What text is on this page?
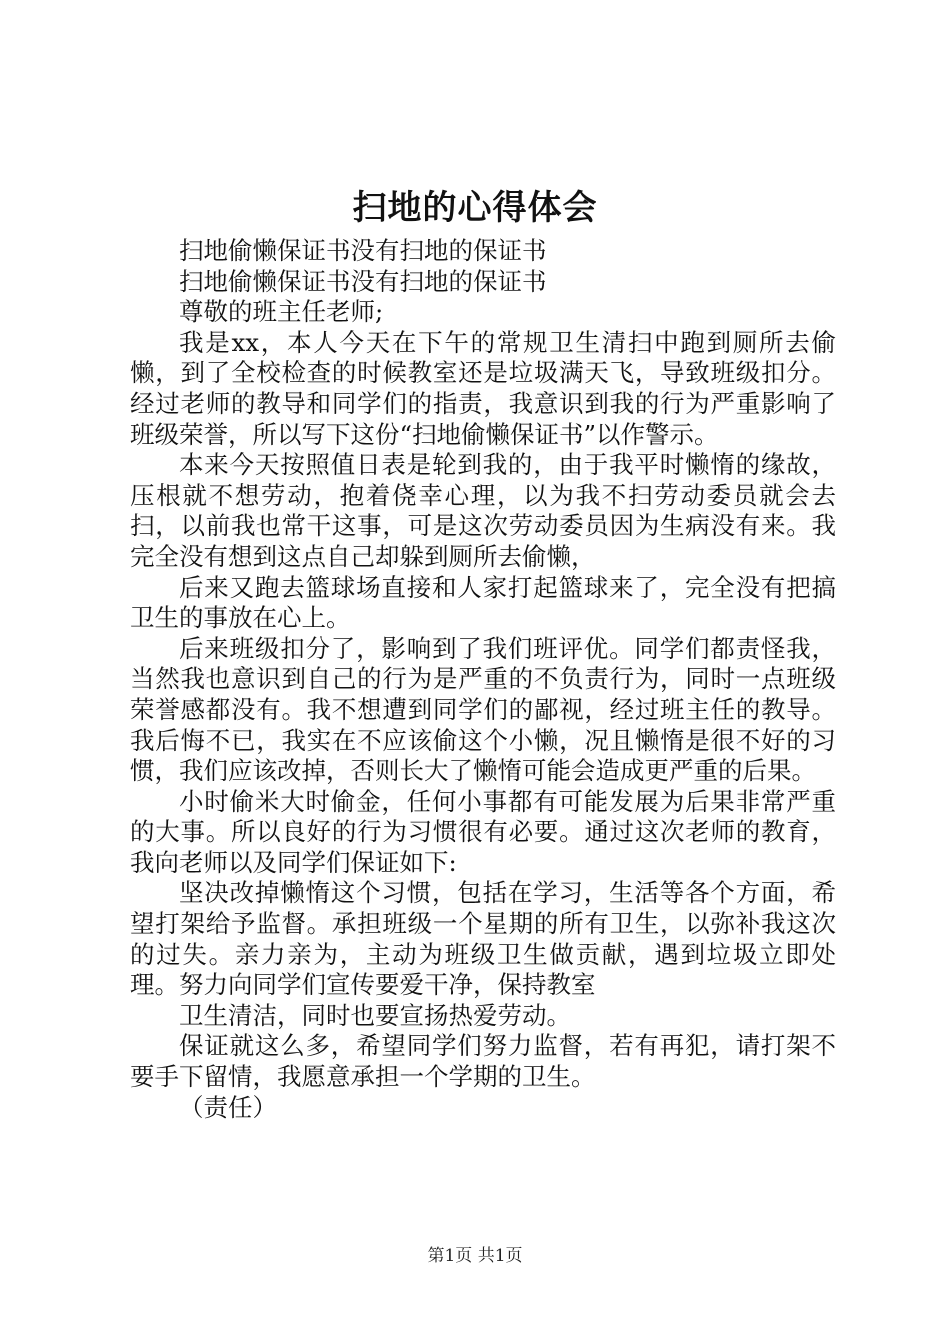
扫地的心得体会

扫地偷懒保证书没有扫地的保证书

扫地偷懒保证书没有扫地的保证书

尊敬的班主任老师;

我是xx，本人今天在下午的常规卫生清扫中跑到厕所去偷懒，到了全校检查的时候教室还是垃圾满天飞，导致班级扣分。经过老师的教导和同学们的指责，我意识到我的行为严重影响了班级荣誉，所以写下这份“扫地偷懒保证书”以作警示。

本来今天按照值日表是轮到我的，由于我平时懒惰的缘故，压根就不想劳动，抱着侥幸心理，以为我不扫劳动委员就会去扫，以前我也常干这事，可是这次劳动委员因为生病没有来。我完全没有想到这点自己却躲到厕所去偷懒，

后来又跑去篮球场直接和人家打起篮球来了，完全没有把搞卫生的事放在心上。

后来班级扣分了，影响到了我们班评优。同学们都责怪我，当然我也意识到自己的行为是严重的不负责行为，同时一点班级荣誉感都没有。我不想遭到同学们的鄙视，经过班主任的教导。我后悔不已，我实在不应该偷这个小懒，况且懒惰是很不好的习惯，我们应该改掉，否则长大了懒惰可能会造成更严重的后果。

小时偷米大时偷金，任何小事都有可能发展为后果非常严重的大事。所以良好的行为习惯很有必要。通过这次老师的教育，我向老师以及同学们保证如下:

坚决改掉懒惰这个习惯，包括在学习，生活等各个方面，希望打架给予监督。承担班级一个星期的所有卫生，以弥补我这次的过失。亲力亲为，主动为班级卫生做贡献，遇到垃圾立即处理。努力向同学们宣传要爱干净，保持教室

卫生清洁，同时也要宣扬热爱劳动。

保证就这么多，希望同学们努力监督，若有再犯，请打架不要手下留情，我愿意承担一个学期的卫生。

（责任）

第1页 共1页
